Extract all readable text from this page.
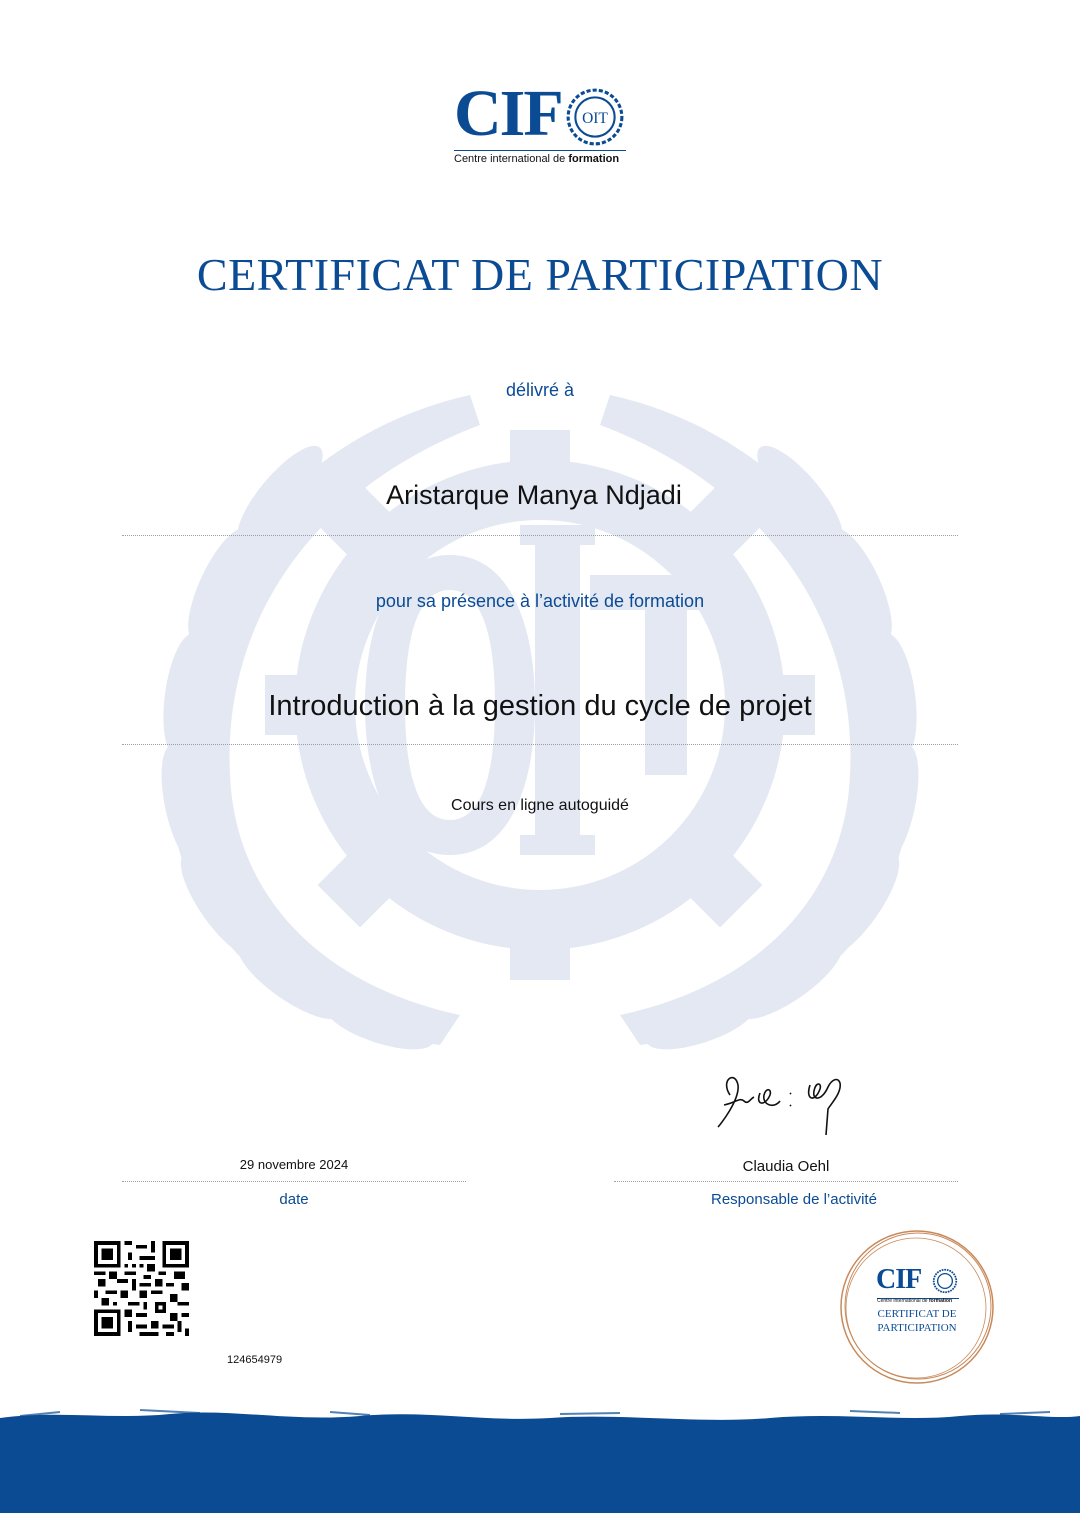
CIF OIT
Centre international de formation
CERTIFICAT DE PARTICIPATION
délivré à
Aristarque Manya Ndjadi
pour sa présence à l’activité de formation
Introduction à la gestion du cycle de projet
Cours en ligne autoguidé
29 novembre 2024
date
Claudia Oehl
Responsable de l’activité
124654979
CIF
Centre international de formation
CERTIFICAT DE
PARTICIPATION
